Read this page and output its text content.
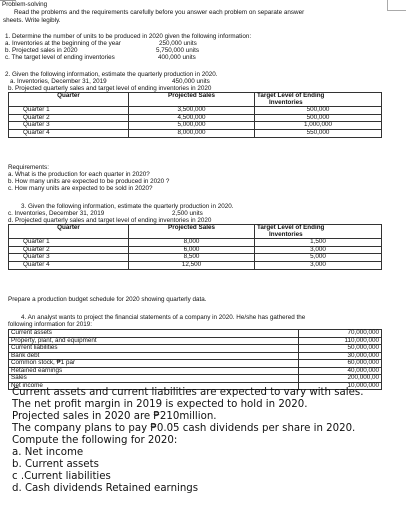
Problem-solving
Read the problems and the requirements carefully before you answer each problem on separate answer
sheets. Write legibly.
1. Determine the number of units to be produced in 2020 given the following information:
a. Inventories at the beginning of the year	250,000 units
b. Projected sales in 2020	5,750,000 units
c. The target level of ending inventories	400,000 units
2. Given the following information, estimate the quarterly production in 2020.
a. Inventories, December 31, 2019	450,000 units
b. Projected quarterly sales and target level of ending inventories in 2020
Quarter	Projected Sales	Target Level of Ending
Inventories
Quarter 1	3,500,000	500,000
Quarter 2	4,500,000	500,000
Quarter 3	5,000,000	1,000,000
Quarter 4	8,000,000	550,000
Requirements:
a. What is the production for each quarter in 2020?
b. How many units are expected to be produced in 2020 ?
c. How many units are expected to be sold in 2020?
3. Given the following information, estimate the quarterly production in 2020.
c. Inventories, December 31, 2019	2,500 units
d. Projected quarterly sales and target level of ending inventories in 2020
Quarter	Projected Sales	Target Level of Ending
Inventories
Quarter 1	8,000	1,500
Quarter 2	6,000	3,000
Quarter 3	8,500	5,000
Quarter 4	12,500	3,000
Prepare a production budget schedule for 2020 showing quarterly data.
4. An analyst wants to project the financial statements of a company in 2020. He/she has gathered the
following information for 2019:
Current assets	70,000,000
Property, plant, and equipment	110,000,000
Current liabilities	50,000,000
Bank debt	30,000,000
Common stock, ₱1 par	60,000,000
Retained earnings	40,000,000
Sales	200,000,00
Net income	10,000,000
Current assets and current liabilities are expected to vary with sales.
The net profit margin in 2019 is expected to hold in 2020.
Projected sales in 2020 are ₱210million.
The company plans to pay ₱0.05 cash dividends per share in 2020.
Compute the following for 2020:
a. Net income
b. Current assets
c .Current liabilities
d. Cash dividends Retained earnings
